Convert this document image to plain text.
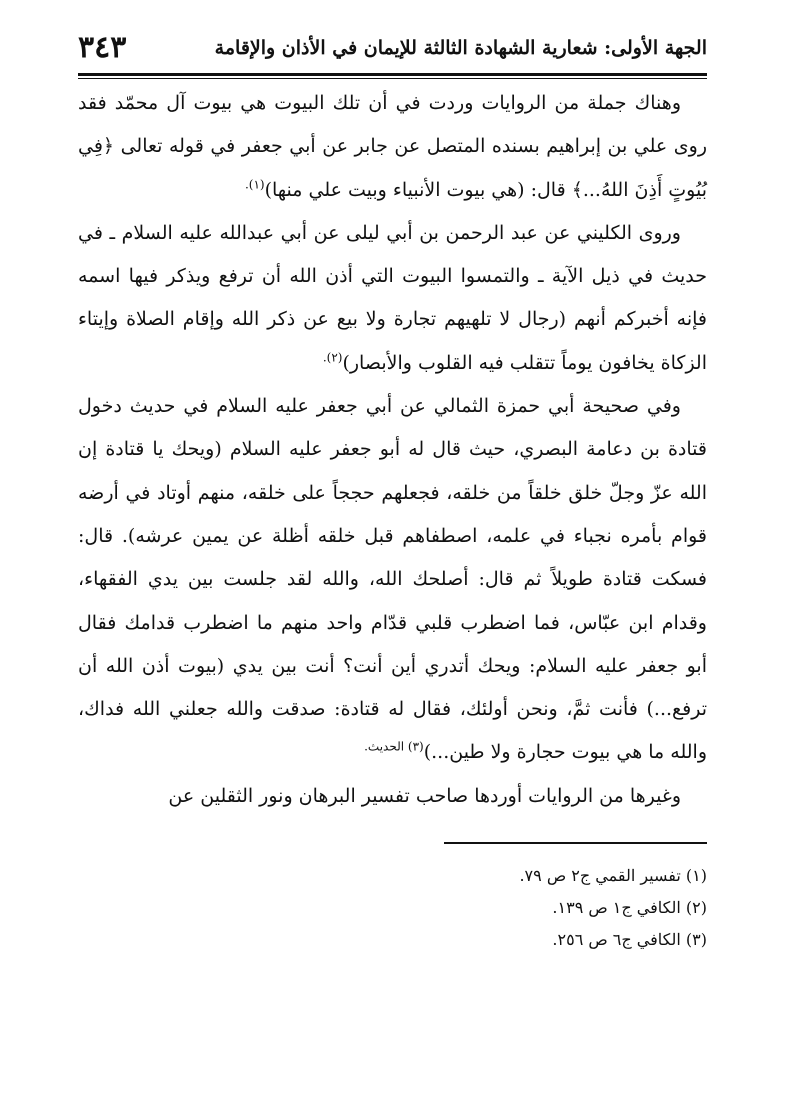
الجهة الأولى: شعارية الشهادة الثالثة للإيمان في الأذان والإقامة
٣٤٣

وهناك جملة من الروايات وردت في أن تلك البيوت هي بيوت آل محمّد فقد روى علي بن إبراهيم بسنده المتصل عن جابر عن أبي جعفر في قوله تعالى ﴿فِي بُيُوتٍ أَذِنَ اللهُ...﴾ قال: (هي بيوت الأنبياء وبيت علي منها)$^{(١).}$

وروى الكليني عن عبد الرحمن بن أبي ليلى عن أبي عبدالله عليه السلام ـ في حديث في ذيل الآية ـ والتمسوا البيوت التي أذن الله أن ترفع ويذكر فيها اسمه فإنه أخبركم أنهم (رجال لا تلهيهم تجارة ولا بيع عن ذكر الله وإقام الصلاة وإيتاء الزكاة يخافون يوماً تتقلب فيه القلوب والأبصار)$^{(٢).}$

وفي صحيحة أبي حمزة الثمالي عن أبي جعفر عليه السلام في حديث دخول قتادة بن دعامة البصري، حيث قال له أبو جعفر عليه السلام (ويحك يا قتادة إن الله عزّ وجلّ خلق خلقاً من خلقه، فجعلهم حججاً على خلقه، منهم أوتاد في أرضه قوام بأمره نجباء في علمه، اصطفاهم قبل خلقه أظلة عن يمين عرشه). قال: فسكت قتادة طويلاً ثم قال: أصلحك الله، والله لقد جلست بين يدي الفقهاء، وقدام ابن عبّاس، فما اضطرب قلبي قدّام واحد منهم ما اضطرب قدامك فقال أبو جعفر عليه السلام: ويحك أتدري أين أنت؟ أنت بين يدي (بيوت أذن الله أن ترفع...) فأنت ثمَّ، ونحن أولئك، فقال له قتادة: صدقت والله جعلني الله فداك، والله ما هي بيوت حجارة ولا طين...)$^{(٣) الحديث.}$

وغيرها من الروايات أوردها صاحب تفسير البرهان ونور الثقلين عن

(١) تفسير القمي ج٢ ص ٧٩.

(٢) الكافي ج١ ص ١٣٩.

(٣) الكافي ج٦ ص ٢٥٦.
